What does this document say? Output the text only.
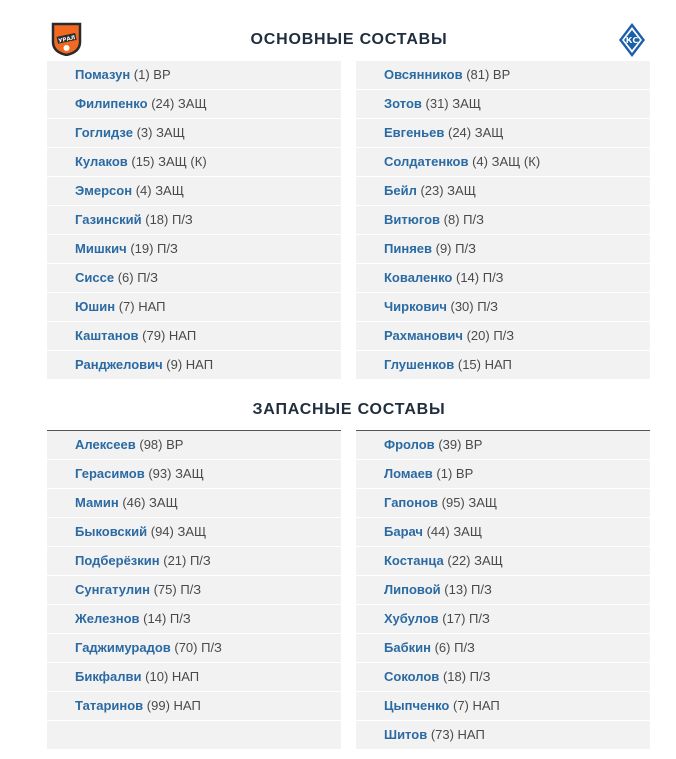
УРАЛ	КС
ОСНОВНЫЕ СОСТАВЫ
ЗАПАСНЫЕ СОСТАВЫ
Помазун (1) ВР
Филипенко (24) ЗАЩ
Гоглидзе (3) ЗАЩ
Кулаков (15) ЗАЩ (К)
Эмерсон (4) ЗАЩ
Газинский (18) П/З
Мишкич (19) П/З
Сиссе (6) П/З
Юшин (7) НАП
Каштанов (79) НАП
Ранджелович (9) НАП
Овсянников (81) ВР
Зотов (31) ЗАЩ
Евгеньев (24) ЗАЩ
Солдатенков (4) ЗАЩ (К)
Бейл (23) ЗАЩ
Витюгов (8) П/З
Пиняев (9) П/З
Коваленко (14) П/З
Чиркович (30) П/З
Рахманович (20) П/З
Глушенков (15) НАП
Алексеев (98) ВР
Герасимов (93) ЗАЩ
Мамин (46) ЗАЩ
Быковский (94) ЗАЩ
Подберёзкин (21) П/З
Сунгатулин (75) П/З
Железнов (14) П/З
Гаджимурадов (70) П/З
Бикфалви (10) НАП
Татаринов (99) НАП
Фролов (39) ВР
Ломаев (1) ВР
Гапонов (95) ЗАЩ
Барач (44) ЗАЩ
Костанца (22) ЗАЩ
Липовой (13) П/З
Хубулов (17) П/З
Бабкин (6) П/З
Соколов (18) П/З
Цыпченко (7) НАП
Шитов (73) НАП
